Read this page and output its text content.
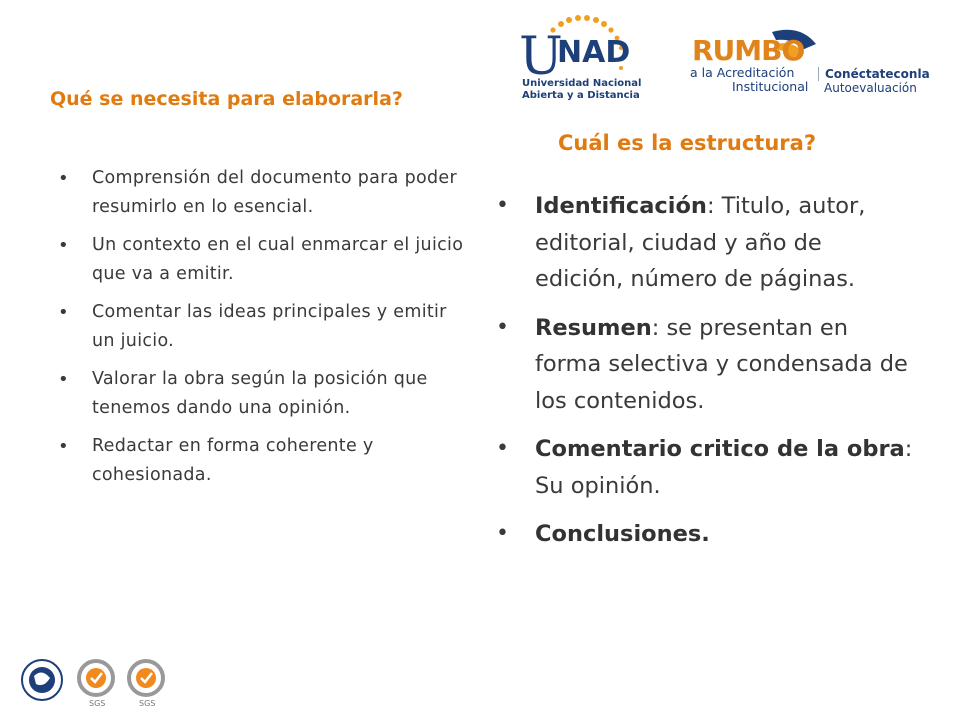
U
NAD
Universidad Nacional
Abierta y a Distancia
RUMBO
a la Acreditación
Institucional
Conéctateconla
Autoevaluación
Qué se necesita para elaborarla?
Cuál es la estructura?
• Comprensión del documento para poder resumirlo en lo esencial.
• Un contexto en el cual enmarcar el juicio que va a emitir.
• Comentar las ideas principales y emitir un juicio.
• Valorar la obra según la posición que tenemos dando una opinión.
• Redactar en forma coherente y cohesionada.
• Identificación: Titulo, autor, editorial, ciudad y año de edición, número de páginas.
• Resumen: se presentan en forma selectiva y condensada de los contenidos.
• Comentario critico de la obra: Su opinión.
• Conclusiones.
SGS	SGS
